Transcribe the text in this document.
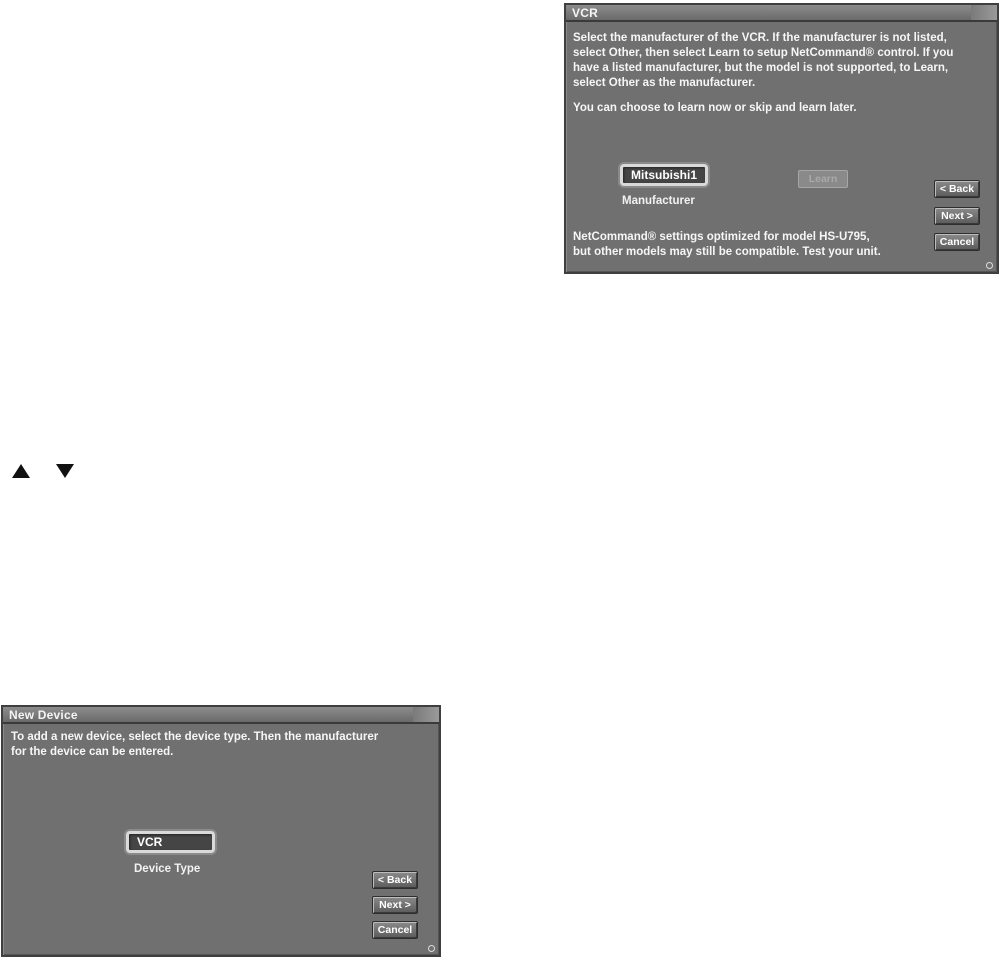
VCR
Select the manufacturer of the VCR. If the manufacturer is not listed,
select Other, then select Learn to setup NetCommand® control. If you
have a listed manufacturer, but the model is not supported, to Learn,
select Other as the manufacturer.
You can choose to learn now or skip and learn later.
Mitsubishi1
Manufacturer
Learn
< Back
Next >
Cancel
NetCommand® settings optimized for model HS-U795,
but other models may still be compatible. Test your unit.
New Device
To add a new device, select the device type. Then the manufacturer
for the device can be entered.
VCR
Device Type
< Back
Next >
Cancel
